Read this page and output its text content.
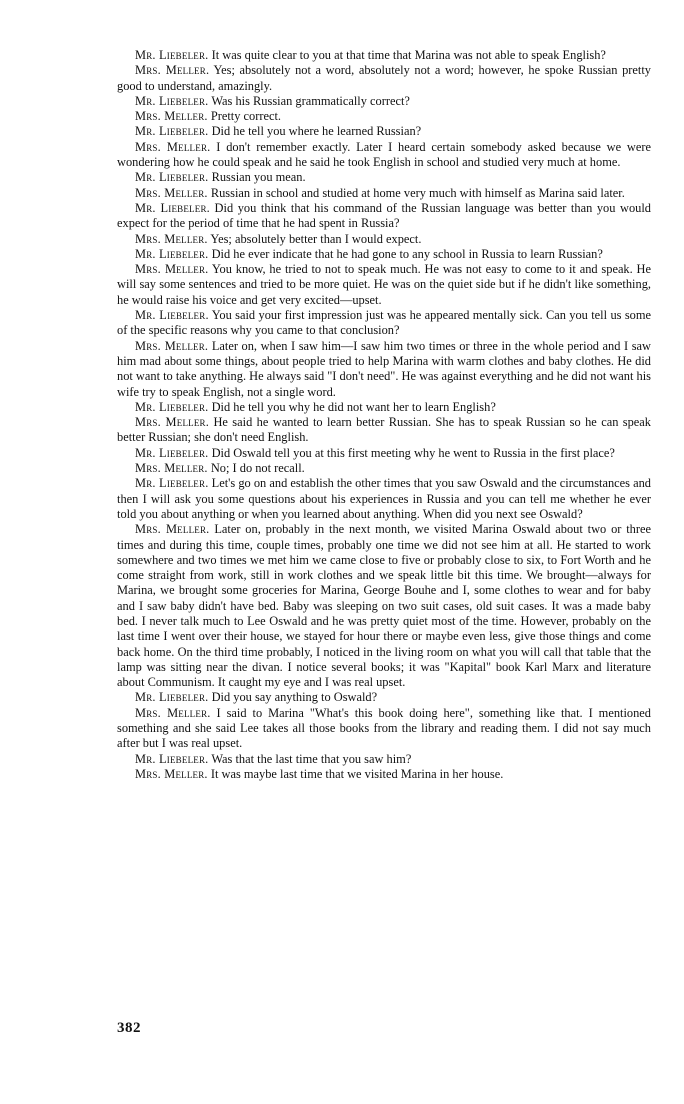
Mr. Liebeler. It was quite clear to you at that time that Marina was not able to speak English?

Mrs. Meller. Yes; absolutely not a word, absolutely not a word; however, he spoke Russian pretty good to understand, amazingly.

Mr. Liebeler. Was his Russian grammatically correct?

Mrs. Meller. Pretty correct.

Mr. Liebeler. Did he tell you where he learned Russian?

Mrs. Meller. I don't remember exactly. Later I heard certain somebody asked because we were wondering how he could speak and he said he took English in school and studied very much at home.

Mr. Liebeler. Russian you mean.

Mrs. Meller. Russian in school and studied at home very much with himself as Marina said later.

Mr. Liebeler. Did you think that his command of the Russian language was better than you would expect for the period of time that he had spent in Russia?

Mrs. Meller. Yes; absolutely better than I would expect.

Mr. Liebeler. Did he ever indicate that he had gone to any school in Russia to learn Russian?

Mrs. Meller. You know, he tried to not to speak much. He was not easy to come to it and speak. He will say some sentences and tried to be more quiet. He was on the quiet side but if he didn't like something, he would raise his voice and get very excited—upset.

Mr. Liebeler. You said your first impression just was he appeared mentally sick. Can you tell us some of the specific reasons why you came to that conclusion?

Mrs. Meller. Later on, when I saw him—I saw him two times or three in the whole period and I saw him mad about some things, about people tried to help Marina with warm clothes and baby clothes. He did not want to take anything. He always said "I don't need". He was against everything and he did not want his wife try to speak English, not a single word.

Mr. Liebeler. Did he tell you why he did not want her to learn English?

Mrs. Meller. He said he wanted to learn better Russian. She has to speak Russian so he can speak better Russian; she don't need English.

Mr. Liebeler. Did Oswald tell you at this first meeting why he went to Russia in the first place?

Mrs. Meller. No; I do not recall.

Mr. Liebeler. Let's go on and establish the other times that you saw Oswald and the circumstances and then I will ask you some questions about his experiences in Russia and you can tell me whether he ever told you about anything or when you learned about anything. When did you next see Oswald?

Mrs. Meller. Later on, probably in the next month, we visited Marina Oswald about two or three times and during this time, couple times, probably one time we did not see him at all. He started to work somewhere and two times we met him we came close to five or probably close to six, to Fort Worth and he come straight from work, still in work clothes and we speak little bit this time. We brought—always for Marina, we brought some groceries for Marina, George Bouhe and I, some clothes to wear and for baby and I saw baby didn't have bed. Baby was sleeping on two suit cases, old suit cases. It was a made baby bed. I never talk much to Lee Oswald and he was pretty quiet most of the time. However, probably on the last time I went over their house, we stayed for hour there or maybe even less, give those things and come back home. On the third time probably, I noticed in the living room on what you will call that table that the lamp was sitting near the divan. I notice several books; it was "Kapital" book Karl Marx and literature about Communism. It caught my eye and I was real upset.

Mr. Liebeler. Did you say anything to Oswald?

Mrs. Meller. I said to Marina "What's this book doing here", something like that. I mentioned something and she said Lee takes all those books from the library and reading them. I did not say much after but I was real upset.

Mr. Liebeler. Was that the last time that you saw him?

Mrs. Meller. It was maybe last time that we visited Marina in her house.

382
